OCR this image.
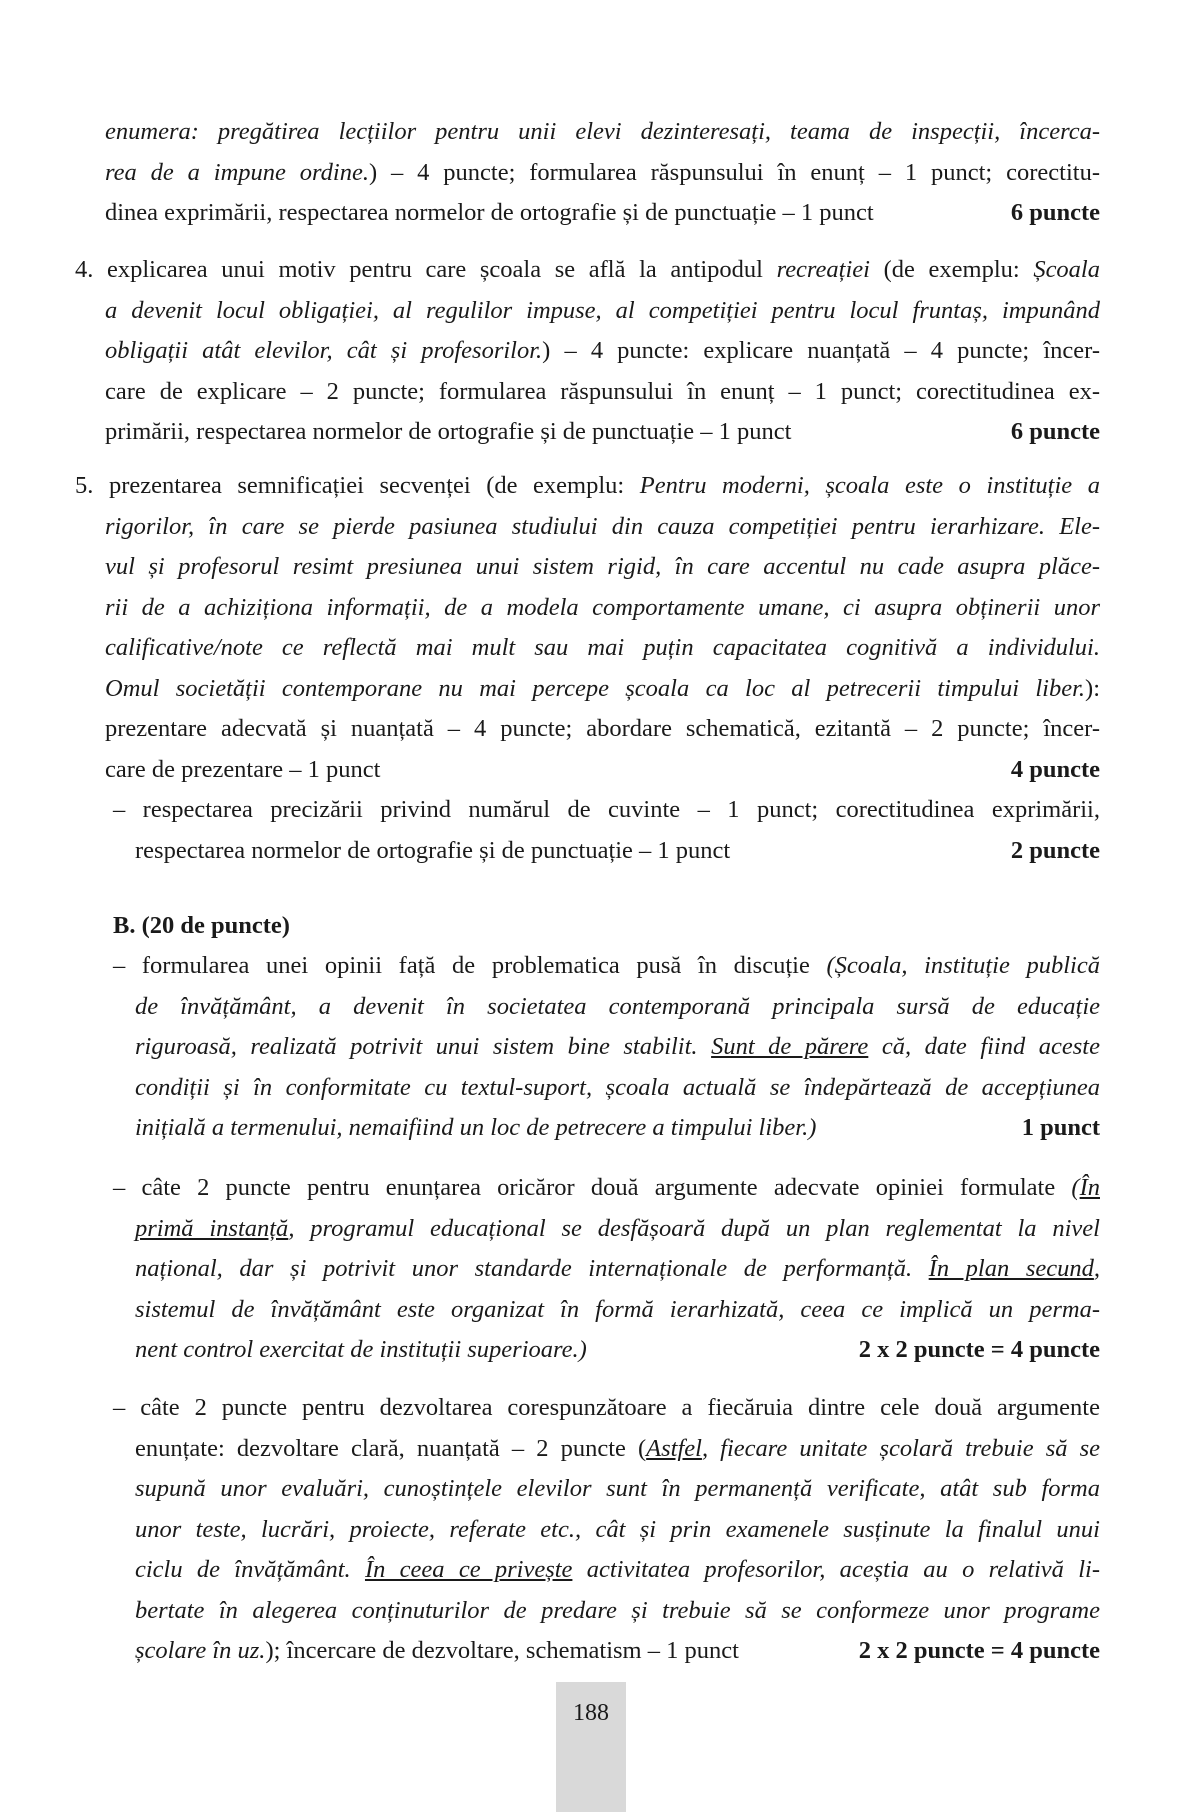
enumera: pregătirea lecțiilor pentru unii elevi dezinteresați, teama de inspecții, încerca-
rea de a impune ordine.) – 4 puncte; formularea răspunsului în enunț – 1 punct; corectitu-
dinea exprimării, respectarea normelor de ortografie și de punctuație – 1 punct	6 puncte
4. explicarea unui motiv pentru care școala se află la antipodul recreației (de exemplu: Școala
a devenit locul obligației, al regulilor impuse, al competiției pentru locul fruntaș, impunând
obligații atât elevilor, cât și profesorilor.) – 4 puncte: explicare nuanțată – 4 puncte; încer-
care de explicare – 2 puncte; formularea răspunsului în enunț – 1 punct; corectitudinea ex-
primării, respectarea normelor de ortografie și de punctuație – 1 punct	6 puncte
5. prezentarea semnificației secvenței (de exemplu: Pentru moderni, școala este o instituție a
rigorilor, în care se pierde pasiunea studiului din cauza competiției pentru ierarhizare. Ele-
vul și profesorul resimt presiunea unui sistem rigid, în care accentul nu cade asupra plăce-
rii de a achiziționa informații, de a modela comportamente umane, ci asupra obținerii unor
calificative/note ce reflectă mai mult sau mai puțin capacitatea cognitivă a individului.
Omul societății contemporane nu mai percepe școala ca loc al petrecerii timpului liber.):
prezentare adecvată și nuanțată – 4 puncte; abordare schematică, ezitantă – 2 puncte; încer-
care de prezentare – 1 punct	4 puncte
– respectarea precizării privind numărul de cuvinte – 1 punct; corectitudinea exprimării,
respectarea normelor de ortografie și de punctuație – 1 punct	2 puncte
B. (20 de puncte)
– formularea unei opinii față de problematica pusă în discuție (Școala, instituție publică
de învățământ, a devenit în societatea contemporană principala sursă de educație
riguroasă, realizată potrivit unui sistem bine stabilit. Sunt de părere că, date fiind aceste
condiții și în conformitate cu textul-suport, școala actuală se îndepărtează de accepțiunea
inițială a termenului, nemaifiind un loc de petrecere a timpului liber.)	1 punct
– câte 2 puncte pentru enunțarea oricăror două argumente adecvate opiniei formulate (În
primă instanță, programul educațional se desfășoară după un plan reglementat la nivel
național, dar și potrivit unor standarde internaționale de performanță. În plan secund,
sistemul de învățământ este organizat în formă ierarhizată, ceea ce implică un perma-
nent control exercitat de instituții superioare.)	2 x 2 puncte = 4 puncte
– câte 2 puncte pentru dezvoltarea corespunzătoare a fiecăruia dintre cele două argumente
enunțate: dezvoltare clară, nuanțată – 2 puncte (Astfel, fiecare unitate școlară trebuie să se
supună unor evaluări, cunoștințele elevilor sunt în permanență verificate, atât sub forma
unor teste, lucrări, proiecte, referate etc., cât și prin examenele susținute la finalul unui
ciclu de învățământ. În ceea ce privește activitatea profesorilor, aceștia au o relativă li-
bertate în alegerea conținuturilor de predare și trebuie să se conformeze unor programe
școlare în uz.); încercare de dezvoltare, schematism – 1 punct	2 x 2 puncte = 4 puncte
188
